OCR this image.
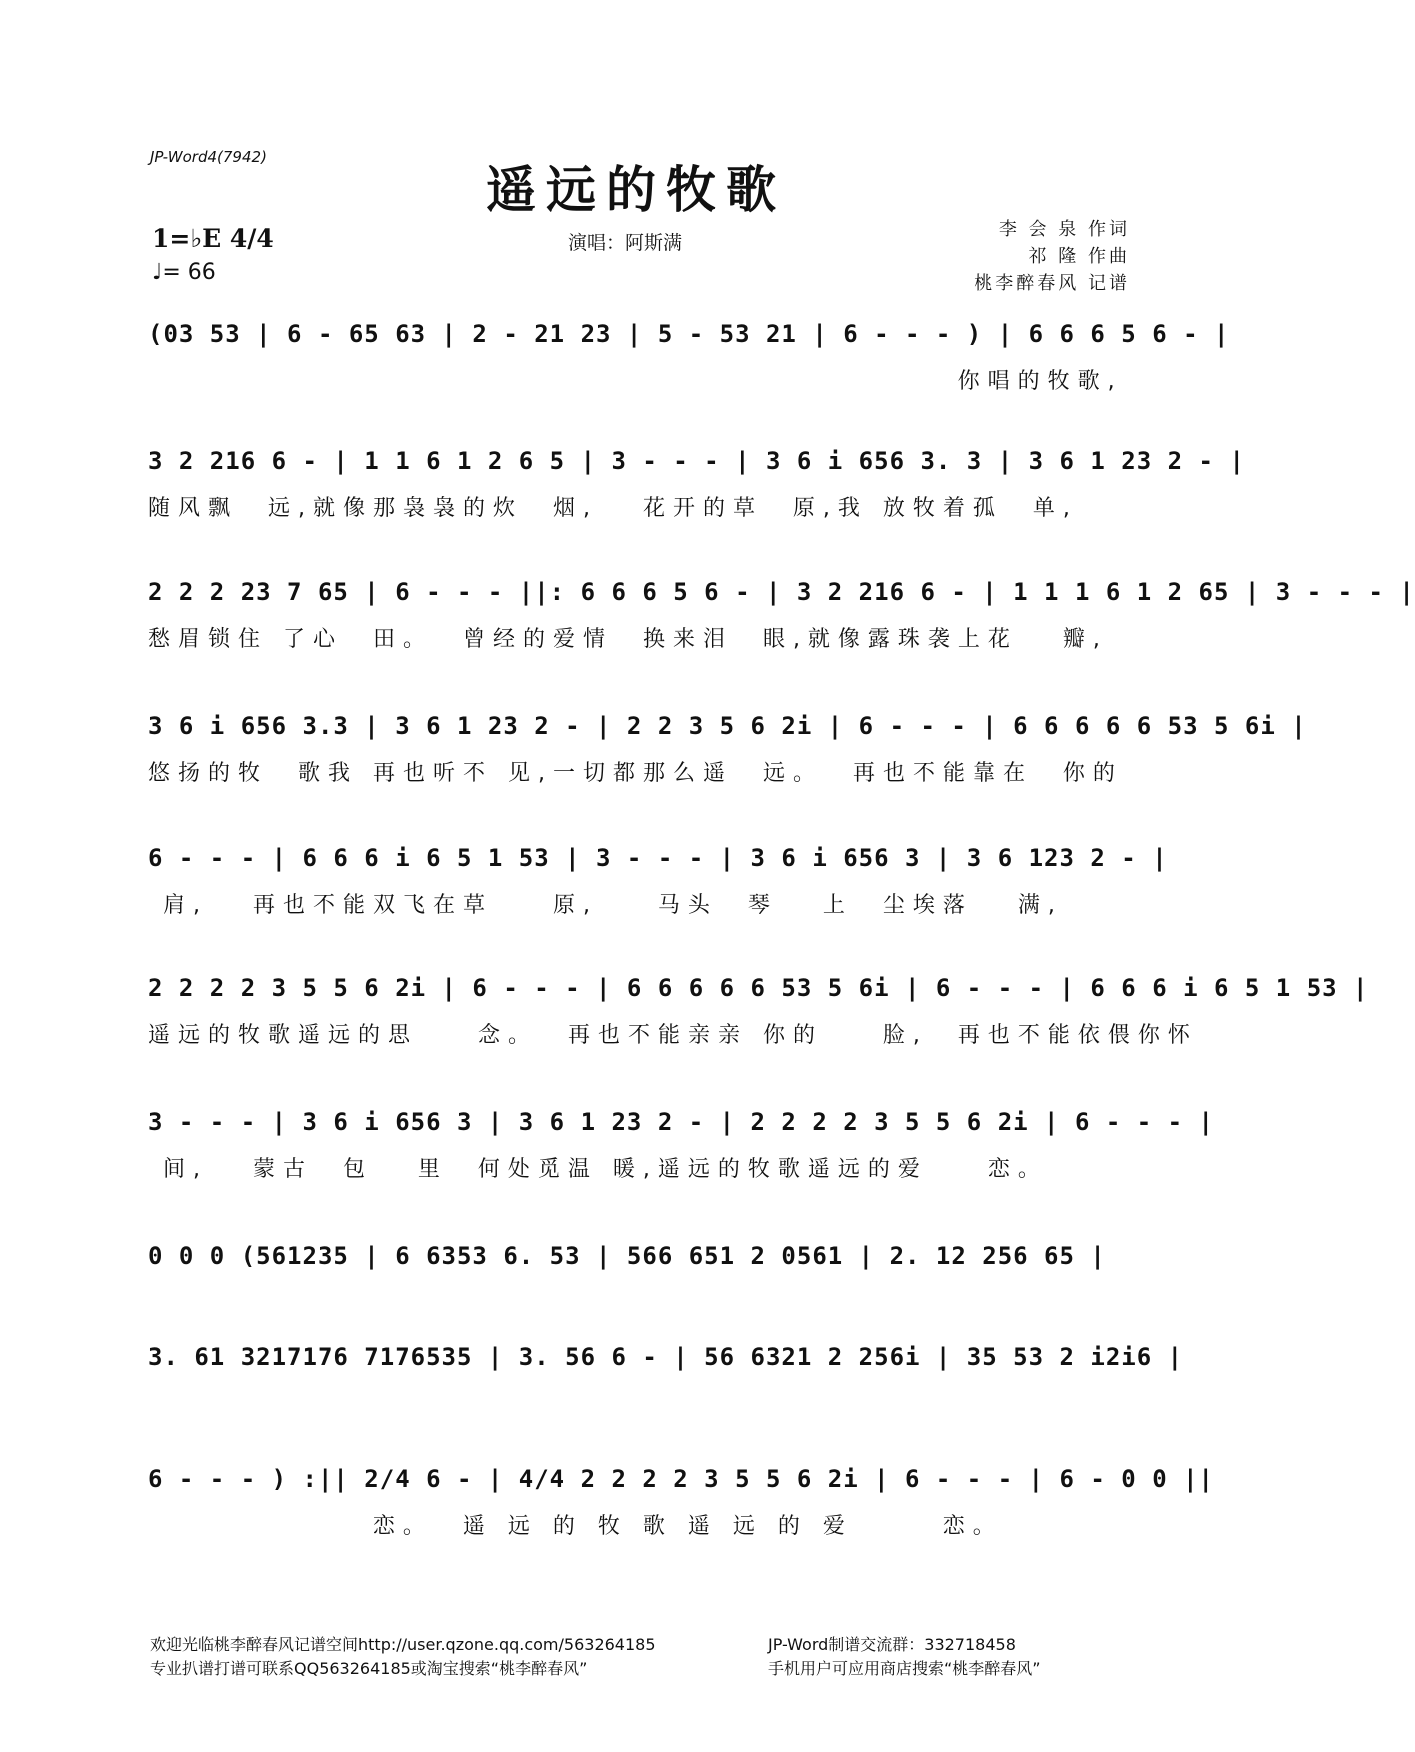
JP-Word4(7942)
遥远的牧歌
1=♭E 4/4
♩= 66
演唱：阿斯满
李 会 泉 作词
祁 隆 作曲
桃李醉春风 记谱
(03 53 | 6 - 65 63 | 2 - 21 23 | 5 - 53 21 | 6 - - - ) | 6 6 6 5 6 - |
你唱的牧歌,
3 2 216 6 - | 1 1 6 1 2 6 5 | 3 - - - | 3 6 i 656 3. 3 | 3 6 1 23 2 - |
随风飘  远,就像那袅袅的炊  烟,   花开的草  原,我 放牧着孤  单,
2 2 2 23 7 65 | 6 - - - ||: 6 6 6 5 6 - | 3 2 216 6 - | 1 1 1 6 1 2 65 | 3 - - - |
愁眉锁住 了心  田。  曾经的爱情  换来泪  眼,就像露珠袭上花   瓣,
3 6 i 656 3.3 | 3 6 1 23 2 - | 2 2 3 5 6 2i | 6 - - - | 6 6 6 6 6 53 5 6i |
悠扬的牧  歌我 再也听不 见,一切都那么遥  远。  再也不能靠在  你的
6 - - - | 6 6 6 i 6 5 1 53 | 3 - - - | 3 6 i 656 3 | 3 6 123 2 - |
肩,   再也不能双飞在草    原,    马头  琴   上  尘埃落   满,
2 2 2 2 3 5 5 6 2i | 6 - - - | 6 6 6 6 6 53 5 6i | 6 - - - | 6 6 6 i 6 5 1 53 |
遥远的牧歌遥远的思    念。  再也不能亲亲 你的    脸,  再也不能依偎你怀
3 - - - | 3 6 i 656 3 | 3 6 1 23 2 - | 2 2 2 2 3 5 5 6 2i | 6 - - - |
间,   蒙古  包   里  何处觅温 暖,遥远的牧歌遥远的爱    恋。
0 0 0 (561235 | 6 6353 6. 53 | 566 651 2 0561 | 2. 12 256 65 |
3. 61 3217176 7176535 | 3. 56 6 - | 56 6321 2 256i | 35 53 2 i2i6 |
6 - - - ) :|| 2/4 6 - | 4/4 2 2 2 2 3 5 5 6 2i | 6 - - - | 6 - 0 0 ||
恋。  遥 远 的 牧 歌 遥 远 的 爱      恋。
欢迎光临桃李醉春风记谱空间http://user.qzone.qq.com/563264185	JP-Word制谱交流群：332718458
专业扒谱打谱可联系QQ563264185或淘宝搜索“桃李醉春风”	手机用户可应用商店搜索“桃李醉春风”
